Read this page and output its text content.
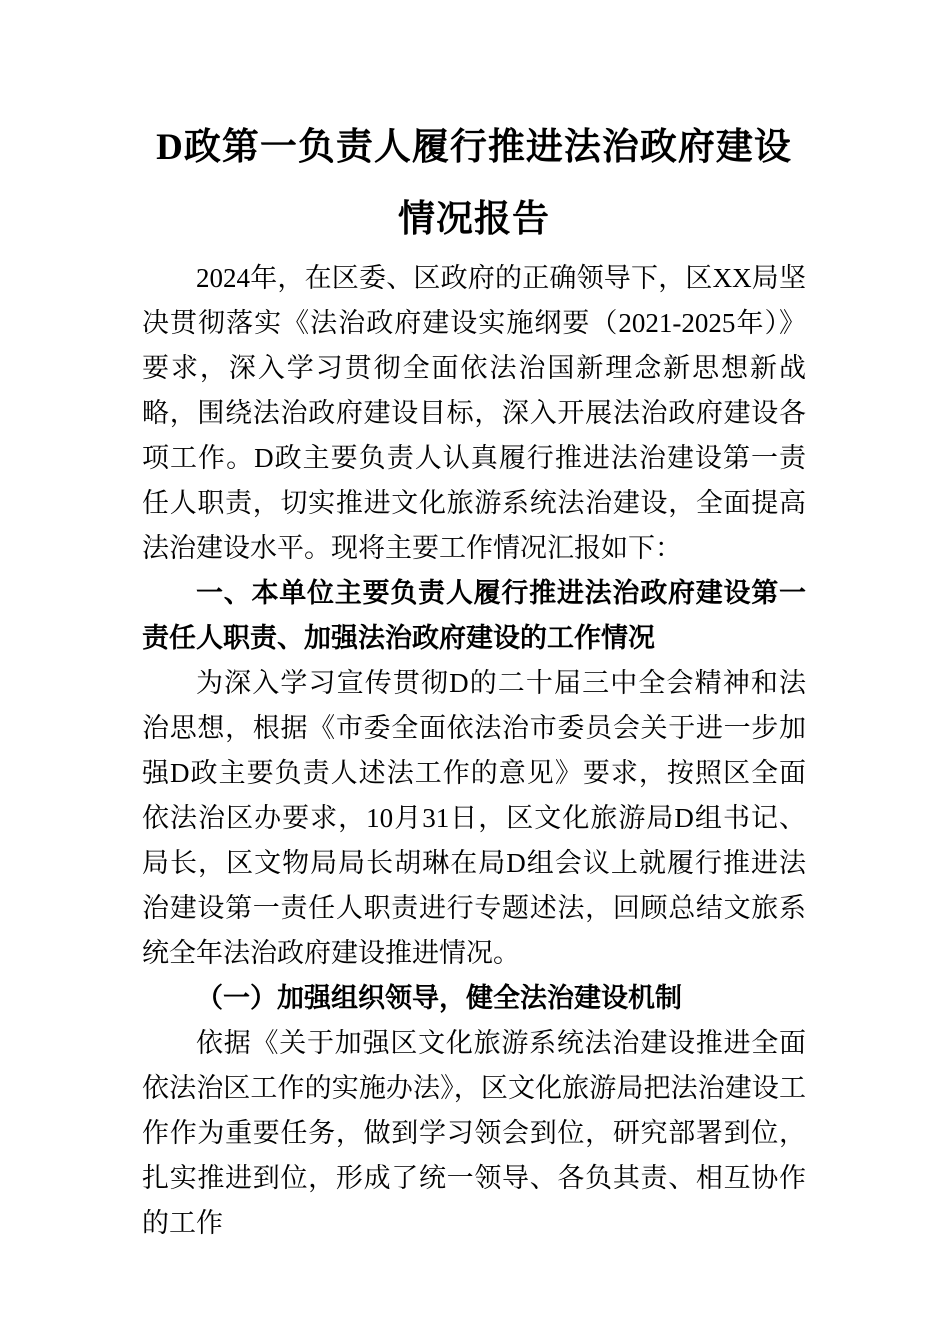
D政第一负责人履行推进法治政府建设情况报告

2024年，在区委、区政府的正确领导下，区XX局坚决贯彻落实《法治政府建设实施纲要（2021-2025年）》要求，深入学习贯彻全面依法治国新理念新思想新战略，围绕法治政府建设目标，深入开展法治政府建设各项工作。D政主要负责人认真履行推进法治建设第一责任人职责，切实推进文化旅游系统法治建设，全面提高法治建设水平。现将主要工作情况汇报如下：

一、本单位主要负责人履行推进法治政府建设第一责任人职责、加强法治政府建设的工作情况

为深入学习宣传贯彻D的二十届三中全会精神和法治思想，根据《市委全面依法治市委员会关于进一步加强D政主要负责人述法工作的意见》要求，按照区全面依法治区办要求，10月31日，区文化旅游局D组书记、局长，区文物局局长胡琳在局D组会议上就履行推进法治建设第一责任人职责进行专题述法，回顾总结文旅系统全年法治政府建设推进情况。

（一）加强组织领导，健全法治建设机制

依据《关于加强区文化旅游系统法治建设推进全面依法治区工作的实施办法》，区文化旅游局把法治建设工作作为重要任务，做到学习领会到位，研究部署到位，扎实推进到位，形成了统一领导、各负其责、相互协作的工作
